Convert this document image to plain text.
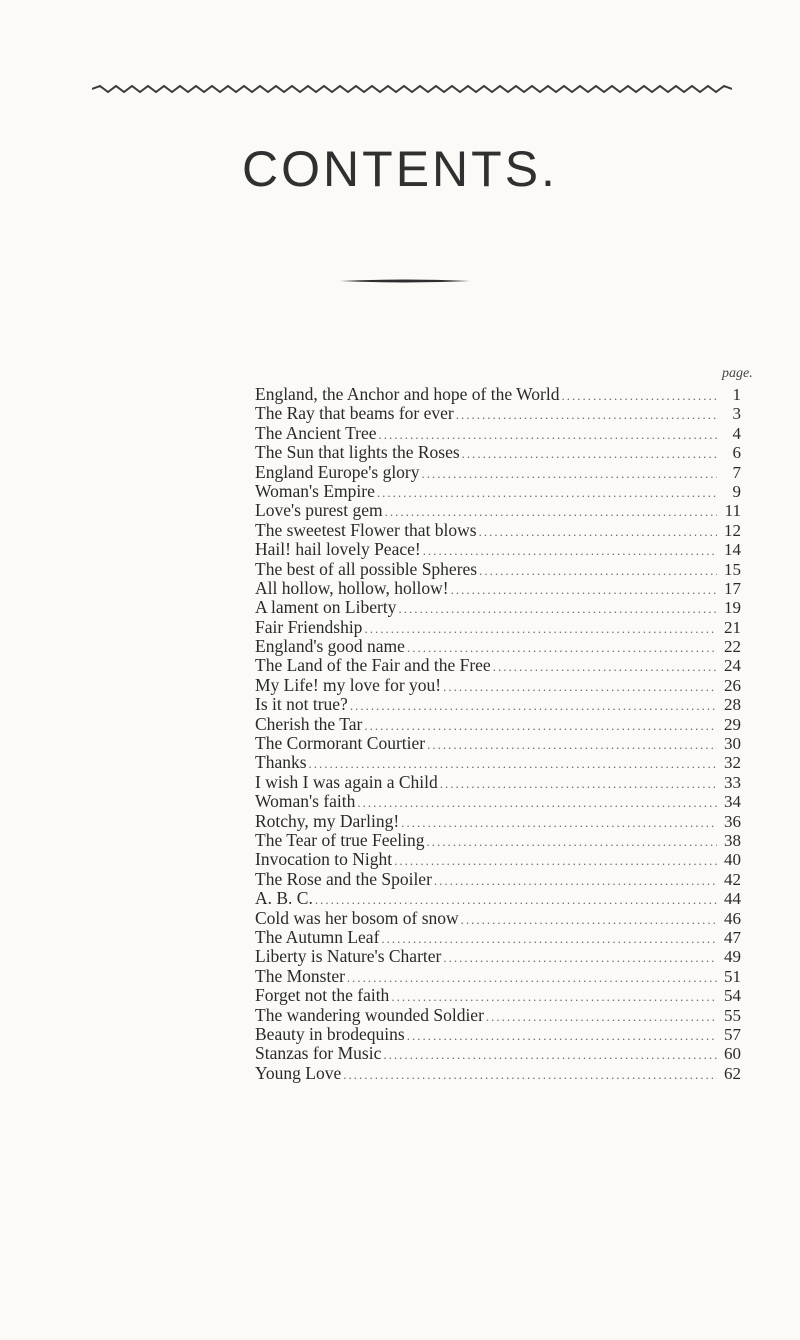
CONTENTS.
page.
England, the Anchor and hope of the World .....	1
The Ray that beams for ever .....	3
The Ancient Tree .....	4
The Sun that lights the Roses .....	6
England Europe's glory .....	7
Woman's Empire .....	9
Love's purest gem .....	11
The sweetest Flower that blows .....	12
Hail! hail lovely Peace! .....	14
The best of all possible Spheres .....	15
All hollow, hollow, hollow! .....	17
A lament on Liberty .....	19
Fair Friendship .....	21
England's good name .....	22
The Land of the Fair and the Free .....	24
My Life! my love for you! .....	26
Is it not true? .....	28
Cherish the Tar .....	29
The Cormorant Courtier .....	30
Thanks .....	32
I wish I was again a Child .....	33
Woman's faith .....	34
Rotchy, my Darling! .....	36
The Tear of true Feeling .....	38
Invocation to Night .....	40
The Rose and the Spoiler .....	42
A. B. C. .....	44
Cold was her bosom of snow .....	46
The Autumn Leaf .....	47
Liberty is Nature's Charter .....	49
The Monster .....	51
Forget not the faith .....	54
The wandering wounded Soldier .....	55
Beauty in brodequins .....	57
Stanzas for Music .....	60
Young Love .....	62
